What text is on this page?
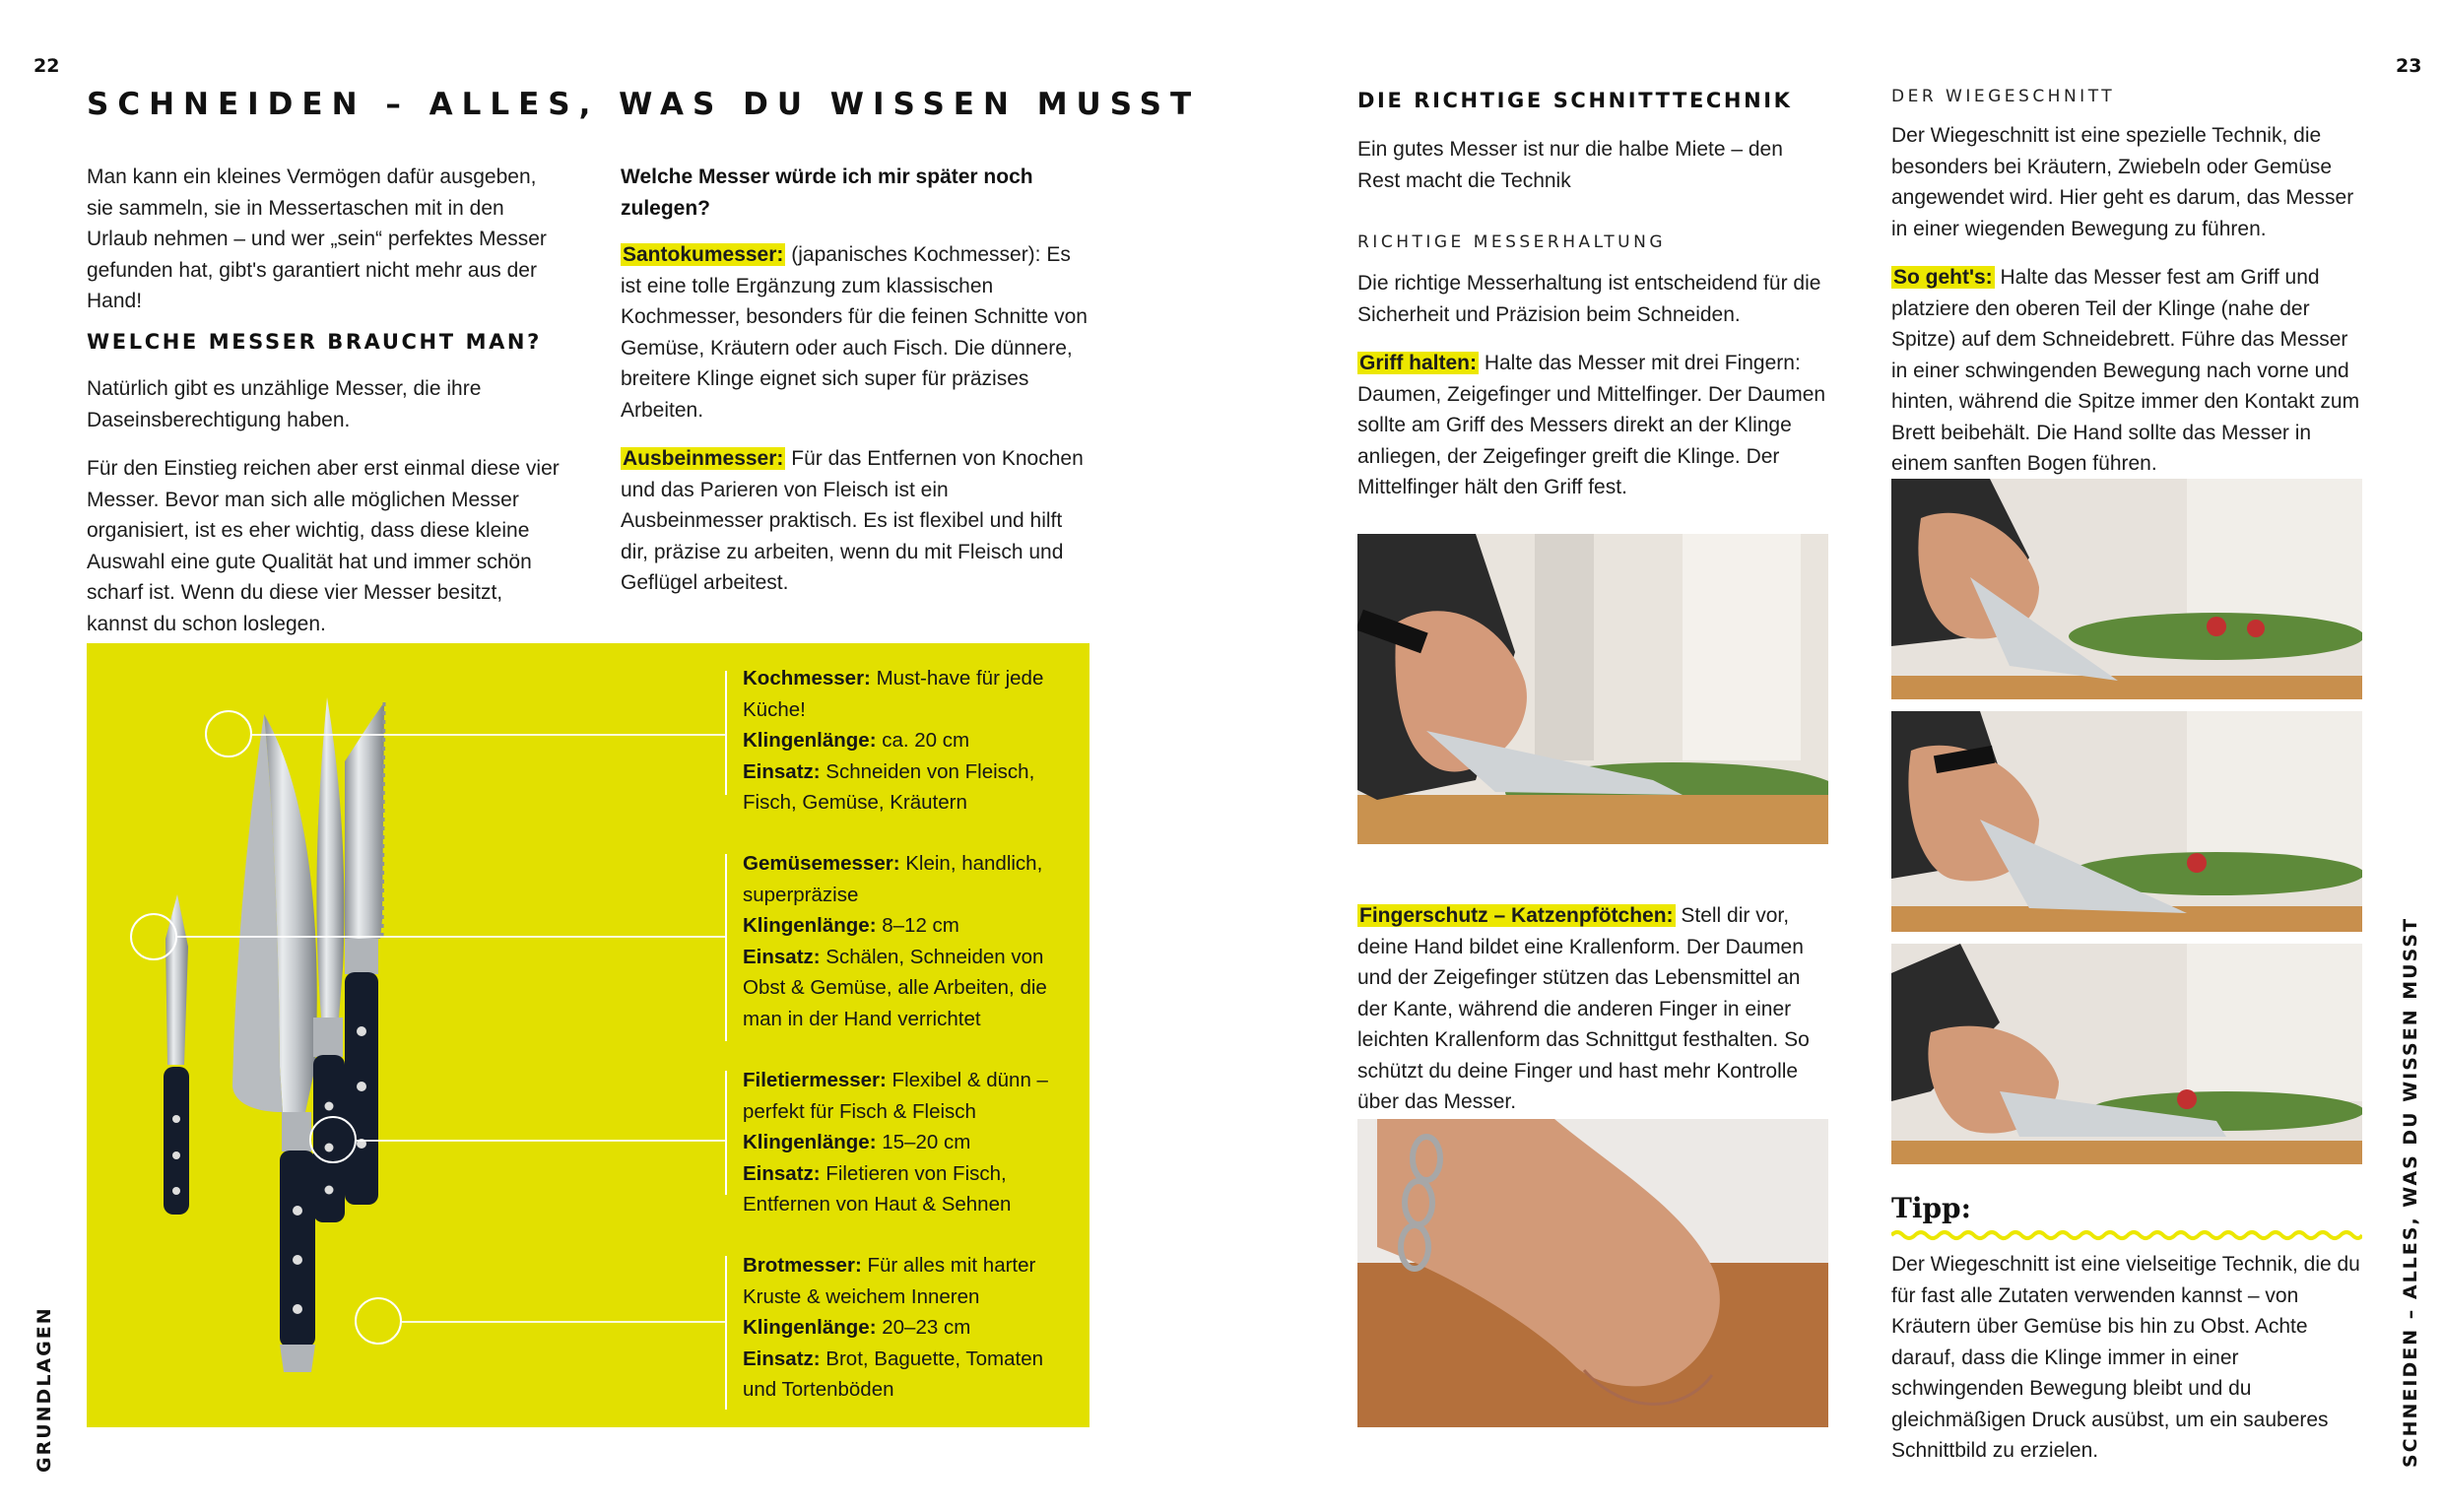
22
GRUNDLAGEN
SCHNEIDEN – ALLES, WAS DU WISSEN MUSST

Man kann ein kleines Vermögen dafür ausgeben, sie sammeln, sie in Messertaschen mit in den Urlaub nehmen – und wer „sein“ perfektes Messer gefunden hat, gibt's garantiert nicht mehr aus der Hand!

WELCHE MESSER BRAUCHT MAN?

Natürlich gibt es unzählige Messer, die ihre Daseinsberechtigung haben.

Für den Einstieg reichen aber erst einmal diese vier Messer. Bevor man sich alle möglichen Messer organisiert, ist es eher wichtig, dass diese kleine Auswahl eine gute Qualität hat und immer schön scharf ist. Wenn du diese vier Messer besitzt, kannst du schon loslegen.

Welche Messer würde ich mir später noch zulegen?

Santokumesser: (japanisches Kochmesser): Es ist eine tolle Ergänzung zum klassischen Kochmesser, besonders für die feinen Schnitte von Gemüse, Kräutern oder auch Fisch. Die dünnere, breitere Klinge eignet sich super für präzises Arbeiten.

Ausbeinmesser: Für das Entfernen von Knochen und das Parieren von Fleisch ist ein Ausbeinmesser praktisch. Es ist flexibel und hilft dir, präzise zu arbeiten, wenn du mit Fleisch und Geflügel arbeitest.

Kochmesser: Must-have für jede Küche!
Klingenlänge: ca. 20 cm
Einsatz: Schneiden von Fleisch, Fisch, Gemüse, Kräutern
Gemüsemesser: Klein, handlich, superpräzise
Klingenlänge: 8–12 cm
Einsatz: Schälen, Schneiden von Obst & Gemüse, alle Arbeiten, die man in der Hand verrichtet
Filetiermesser: Flexibel & dünn – perfekt für Fisch & Fleisch
Klingenlänge: 15–20 cm
Einsatz: Filetieren von Fisch, Entfernen von Haut & Sehnen
Brotmesser: Für alles mit harter Kruste & weichem Inneren
Klingenlänge: 20–23 cm
Einsatz: Brot, Baguette, Tomaten und Tortenböden
23
SCHNEIDEN – ALLES, WAS DU WISSEN MUSST
DIE RICHTIGE SCHNITTTECHNIK
Ein gutes Messer ist nur die halbe Miete – den Rest macht die Technik
RICHTIGE MESSERHALTUNG

Die richtige Messerhaltung ist entscheidend für die Sicherheit und Präzision beim Schneiden.

Griff halten: Halte das Messer mit drei Fingern: Daumen, Zeigefinger und Mittelfinger. Der Daumen sollte am Griff des Messers direkt an der Klinge anliegen, der Zeigefinger greift die Klinge. Der Mittelfinger hält den Griff fest.

Fingerschutz – Katzenpfötchen: Stell dir vor, deine Hand bildet eine Krallenform. Der Daumen und der Zeigefinger stützen das Lebensmittel an der Kante, während die anderen Finger in einer leichten Krallenform das Schnittgut festhalten. So schützt du deine Finger und hast mehr Kontrolle über das Messer.
DER WIEGESCHNITT

Der Wiegeschnitt ist eine spezielle Technik, die besonders bei Kräutern, Zwiebeln oder Gemüse angewendet wird. Hier geht es darum, das Messer in einer wiegenden Bewegung zu führen.

So geht's: Halte das Messer fest am Griff und platziere den oberen Teil der Klinge (nahe der Spitze) auf dem Schneidebrett. Führe das Messer in einer schwingenden Bewegung nach vorne und hinten, während die Spitze immer den Kontakt zum Brett beibehält. Die Hand sollte das Messer in einem sanften Bogen führen.

Tipp:
Der Wiegeschnitt ist eine vielseitige Technik, die du für fast alle Zutaten verwenden kannst – von Kräutern über Gemüse bis hin zu Obst. Achte darauf, dass die Klinge immer in einer schwingenden Bewegung bleibt und du gleichmäßigen Druck ausübst, um ein sauberes Schnittbild zu erzielen.
